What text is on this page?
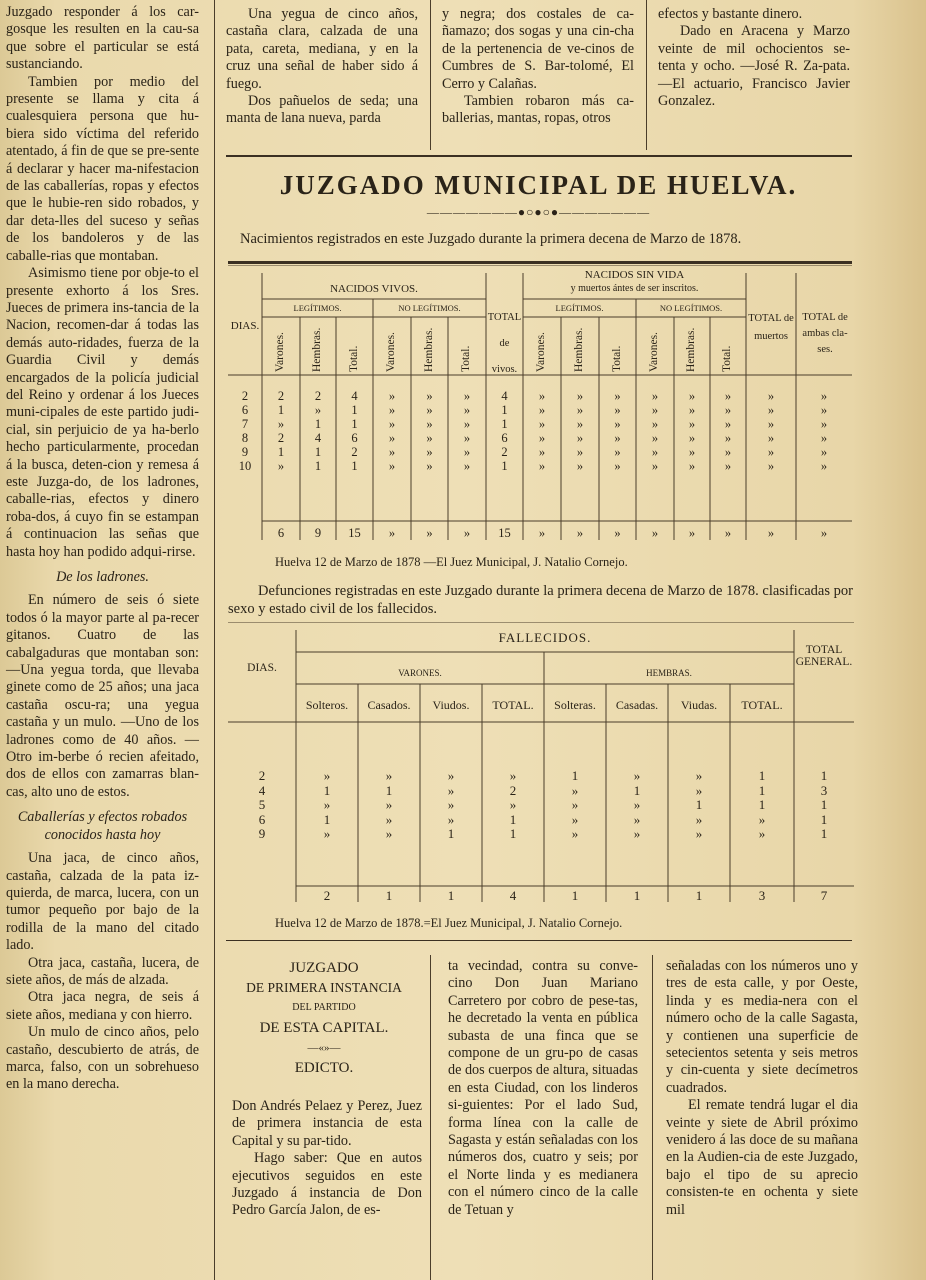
Juzgado responder á los car-gosque les resulten en la cau-sa que sobre el particular se está sustanciando.

Tambien por medio del presente se llama y cita á cualesquiera persona que hu-biera sido víctima del referido atentado, á fin de que se pre-sente á declarar y hacer ma-nifestacion de las caballerías, ropas y efectos que le hubie-ren sido robados, y dar deta-lles del suceso y señas de los bandoleros y de las caballe-rias que montaban.

Asimismo tiene por obje-to el presente exhorto á los Sres. Jueces de primera ins-tancia de la Nacion, recomen-dar á todas las demás auto-ridades, fuerza de la Guardia Civil y demás encargados de la policía judicial del Reino y ordenar á los Jueces muni-cipales de este partido judi-cial, sin perjuicio de ya ha-berlo hecho particularmente, procedan á la busca, deten-cion y remesa á este Juzga-do, de los ladrones, caballe-rias, efectos y dinero roba-dos, á cuyo fin se estampan á continuacion las señas que hasta hoy han podido adqui-rirse.

De los ladrones.

En número de seis ó siete todos ó la mayor parte al pa-recer gitanos. Cuatro de las cabalgaduras que montaban son: —Una yegua torda, que llevaba ginete como de 25 años; una jaca castaña oscu-ra; una yegua castaña y un mulo. —Uno de los ladrones como de 40 años. —Otro im-berbe ó recien afeitado, dos de ellos con zamarras blan-cas, alto uno de estos.

Caballerías y efectos robados conocidos hasta hoy

Una jaca, de cinco años, castaña, calzada de la pata iz-quierda, de marca, lucera, con un tumor pequeño por bajo de la rodilla de la mano del citado lado.

Otra jaca, castaña, lucera, de siete años, de más de alzada.

Otra jaca negra, de seis á siete años, mediana y con hierro.

Un mulo de cinco años, pelo castaño, descubierto de atrás, de marca, falso, con un sobrehueso en la mano derecha.

Una yegua de cinco años, castaña clara, calzada de una pata, careta, mediana, y en la cruz una señal de haber sido á fuego.

Dos pañuelos de seda; una manta de lana nueva, parda

y negra; dos costales de ca-ñamazo; dos sogas y una cin-cha de la pertenencia de ve-cinos de Cumbres de S. Bar-tolomé, El Cerro y Calañas.

Tambien robaron más ca-ballerias, mantas, ropas, otros

efectos y bastante dinero.

Dado en Aracena y Marzo veinte de mil ochocientos se-tenta y ocho. —José R. Za-pata. —El actuario, Francisco Javier Gonzalez.

JUZGADO MUNICIPAL DE HUELVA.
———————●○●○●———————
Nacimientos registrados en este Juzgado durante la primera decena de Marzo de 1878.
DIAS.
NACIDOS VIVOS.
NACIDOS SIN VIDA
y muertos ántes de ser inscritos.
LEGÍTIMOS.	NO LEGÍTIMOS.	LEGÍTIMOS.	NO LEGÍTIMOS.
TOTAL de vivos.
TOTAL de muertos
TOTAL de ambas cla-ses.
Varones. Hembras. Total. Varones. Hembras. Total.	Varones. Hembras. Total. Varones. Hembras. Total.
2	2	2	4	»	»	»	4	»	»	»	»	»	»	»	»
6	1	»	1	»	»	»	1	»	»	»	»	»	»	»	»
7	»	1	1	»	»	»	1	»	»	»	»	»	»	»	»
8	2	4	6	»	»	»	6	»	»	»	»	»	»	»	»
9	1	1	2	»	»	»	2	»	»	»	»	»	»	»	»
10	»	1	1	»	»	»	1	»	»	»	»	»	»	»	»
6	9	15	»	»	»	15	»	»	»	»	»	»	»	»
Huelva 12 de Marzo de 1878 —El Juez Municipal, J. Natalio Cornejo.
Defunciones registradas en este Juzgado durante la primera decena de Marzo de 1878. clasificadas por sexo y estado civil de los fallecidos.
DIAS.
FALLECIDOS.
VARONES.	HEMBRAS.
TOTAL GENERAL.
Solteros.	Casados.	Viudos.	TOTAL.	Solteras.	Casadas.	Viudas.	TOTAL.
2	»	»	»	»	1	»	»	1	1
4	1	1	»	2	»	1	»	1	3
5	»	»	»	»	»	»	1	1	1
6	1	»	»	1	»	»	»	»	1
9	»	»	1	1	»	»	»	»	1
2	1	1	4	1	1	1	3	7
Huelva 12 de Marzo de 1878.=El Juez Municipal, J. Natalio Cornejo.
JUZGADO
DE PRIMERA INSTANCIA
DEL PARTIDO
DE ESTA CAPITAL.
—«»—
EDICTO.

Don Andrés Pelaez y Perez, Juez de primera instancia de esta Capital y su par-tido.

Hago saber: Que en autos ejecutivos seguidos en este Juzgado á instancia de Don Pedro García Jalon, de es-

ta vecindad, contra su conve-cino Don Juan Mariano Carretero por cobro de pese-tas, he decretado la venta en pública subasta de una finca que se compone de un gru-po de casas de dos cuerpos de altura, situadas en esta Ciudad, con los linderos si-guientes: Por el lado Sud, forma línea con la calle de Sagasta y están señaladas con los números dos, cuatro y seis; por el Norte linda y es medianera con el número cinco de la calle de Tetuan y

señaladas con los números uno y tres de esta calle, y por Oeste, linda y es media-nera con el número ocho de la calle Sagasta, y contienen una superficie de setecientos setenta y seis metros y cin-cuenta y siete decímetros cuadrados.

El remate tendrá lugar el dia veinte y siete de Abril próximo venidero á las doce de su mañana en la Audien-cia de este Juzgado, bajo el tipo de su aprecio consisten-te en ochenta y siete mil
